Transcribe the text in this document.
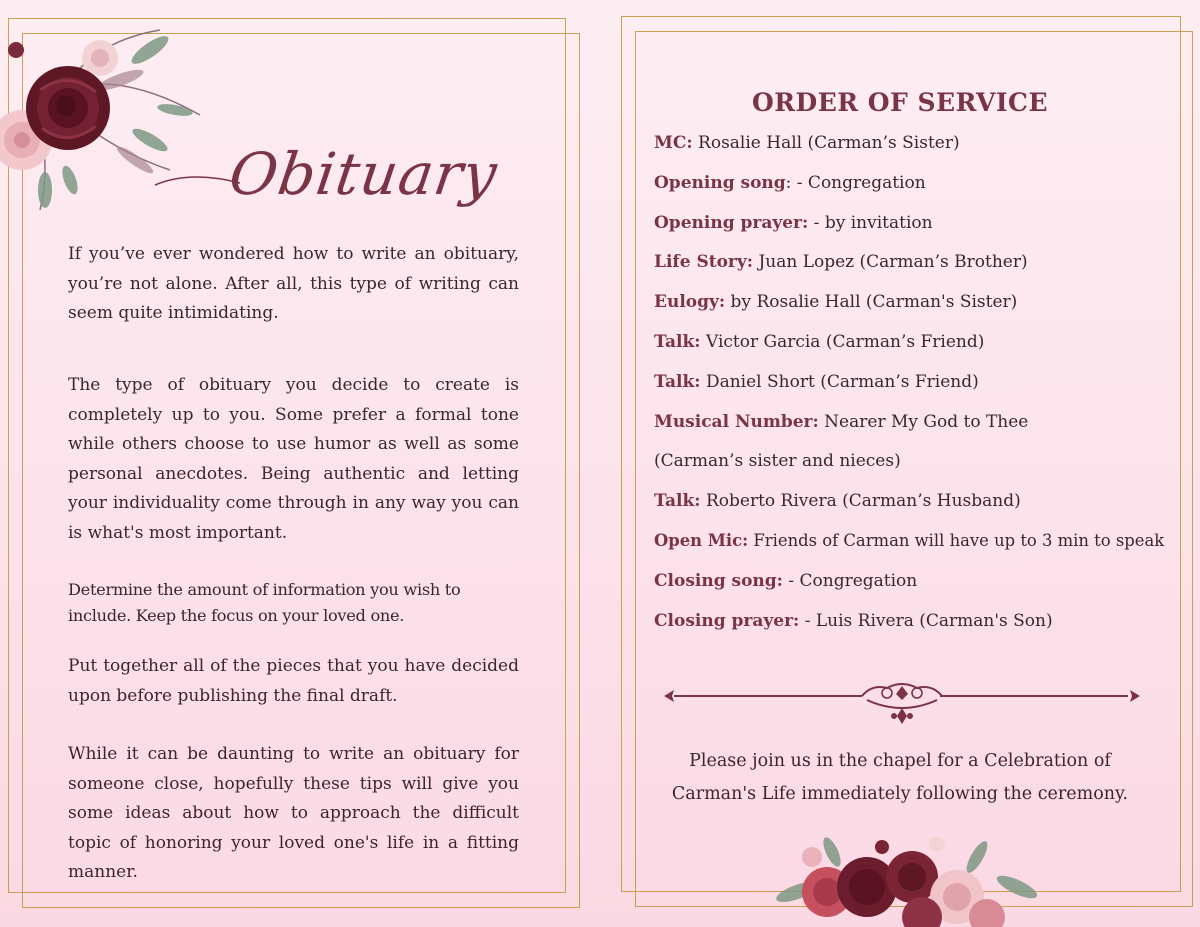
Obituary

If you’ve ever wondered how to write an obituary, you’re not alone. After all, this type of writing can seem quite intimidating.

The type of obituary you decide to create is completely up to you. Some prefer a formal tone while others choose to use humor as well as some personal anecdotes. Being authentic and letting your individuality come through in any way you can is what's most important.

Determine the amount of information you wish to include. Keep the focus on your loved one.

Put together all of the pieces that you have decided upon before publishing the final draft.

While it can be daunting to write an obituary for someone close, hopefully these tips will give you some ideas about how to approach the difficult topic of honoring your loved one's life in a fitting manner.

ORDER OF SERVICE
MC: Rosalie Hall (Carman’s Sister)
Opening song: - Congregation
Opening prayer: - by invitation
Life Story: Juan Lopez (Carman’s Brother)
Eulogy: by Rosalie Hall (Carman's Sister)
Talk: Victor Garcia (Carman’s Friend)
Talk: Daniel Short (Carman’s Friend)
Musical Number: Nearer My God to Thee
(Carman’s sister and nieces)
Talk: Roberto Rivera (Carman’s Husband)
Open Mic: Friends of Carman will have up to 3 min to speak
Closing song: - Congregation
Closing prayer: - Luis Rivera (Carman's Son)
Please join us in the chapel for a Celebration of
Carman's Life immediately following the ceremony.
